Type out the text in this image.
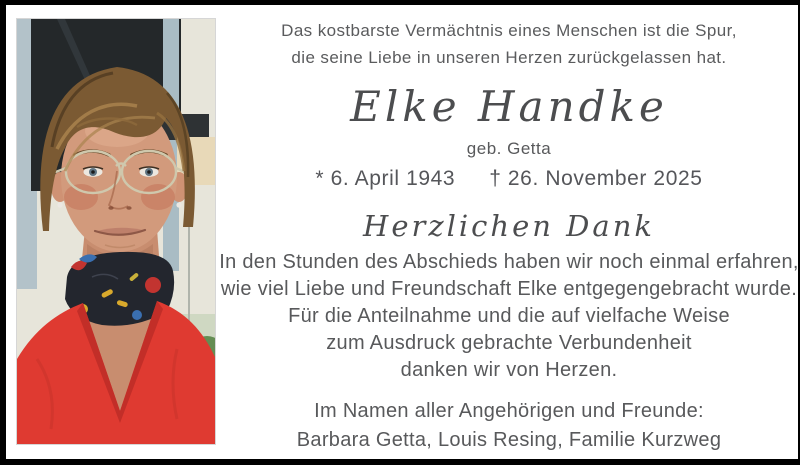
Das kostbarste Vermächtnis eines Menschen ist die Spur,
die seine Liebe in unseren Herzen zurückgelassen hat.
Elke Handke
geb. Getta
* 6. April 1943 † 26. November 2025
Herzlichen Dank
In den Stunden des Abschieds haben wir noch einmal erfahren,
wie viel Liebe und Freundschaft Elke entgegengebracht wurde.
Für die Anteilnahme und die auf vielfache Weise
zum Ausdruck gebrachte Verbundenheit
danken wir von Herzen.
Im Namen aller Angehörigen und Freunde:
Barbara Getta, Louis Resing, Familie Kurzweg
